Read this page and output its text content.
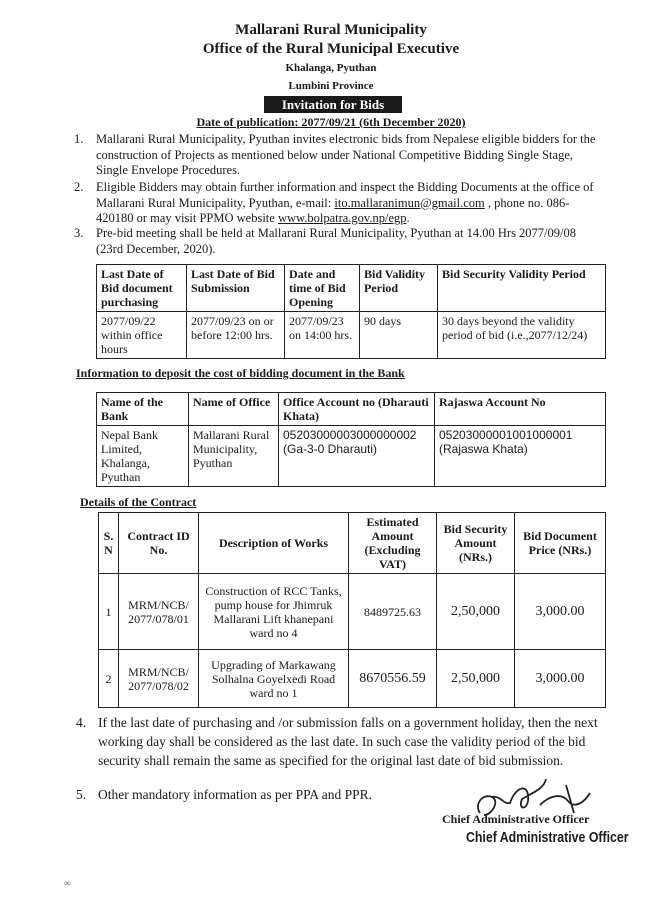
Mallarani Rural Municipality
Office of the Rural Municipal Executive
Khalanga, Pyuthan
Lumbini Province
Invitation for Bids
Date of publication: 2077/09/21 (6th December 2020)
1. Mallarani Rural Municipality, Pyuthan invites electronic bids from Nepalese eligible bidders for the construction of Projects as mentioned below under National Competitive Bidding Single Stage, Single Envelope Procedures.
2. Eligible Bidders may obtain further information and inspect the Bidding Documents at the office of Mallarani Rural Municipality, Pyuthan, e-mail: ito.mallaranimun@gmail.com , phone no. 086-420180 or may visit PPMO website www.bolpatra.gov.np/egp.
3. Pre-bid meeting shall be held at Mallarani Rural Municipality, Pyuthan at 14.00 Hrs 2077/09/08 (23rd December, 2020).
Last Date of Bid document purchasing	Last Date of Bid Submission	Date and time of Bid Opening	Bid Validity Period	Bid Security Validity Period
2077/09/22 within office hours	2077/09/23 on or before 12:00 hrs.	2077/09/23 on 14:00 hrs.	90 days	30 days beyond the validity period of bid (i.e.,2077/12/24)
Information to deposit the cost of bidding document in the Bank
Name of the Bank	Name of Office	Office Account no (Dharauti Khata)	Rajaswa Account No
Nepal Bank Limited, Khalanga, Pyuthan	Mallarani Rural Municipality, Pyuthan	05203000003000000002 (Ga-3-0 Dharauti)	05203000001001000001 (Rajaswa Khata)
Details of the Contract
S. N	Contract ID No.	Description of Works	Estimated Amount (Excluding VAT)	Bid Security Amount (NRs.)	Bid Document Price (NRs.)
1	MRM/NCB/ 2077/078/01	Construction of RCC Tanks, pump house for Jhimruk Mallarani Lift khanepani ward no 4	8489725.63	2,50,000	3,000.00
2	MRM/NCB/ 2077/078/02	Upgrading of Markawang Solhalna Goyelxedi Road ward no 1	8670556.59	2,50,000	3,000.00
4. If the last date of purchasing and /or submission falls on a government holiday, then the next working day shall be considered as the last date. In such case the validity period of the bid security shall remain the same as specified for the original last date of bid submission.
5. Other mandatory information as per PPA and PPR.
Chief Administrative Officer
Chief Administrative Officer
∞
